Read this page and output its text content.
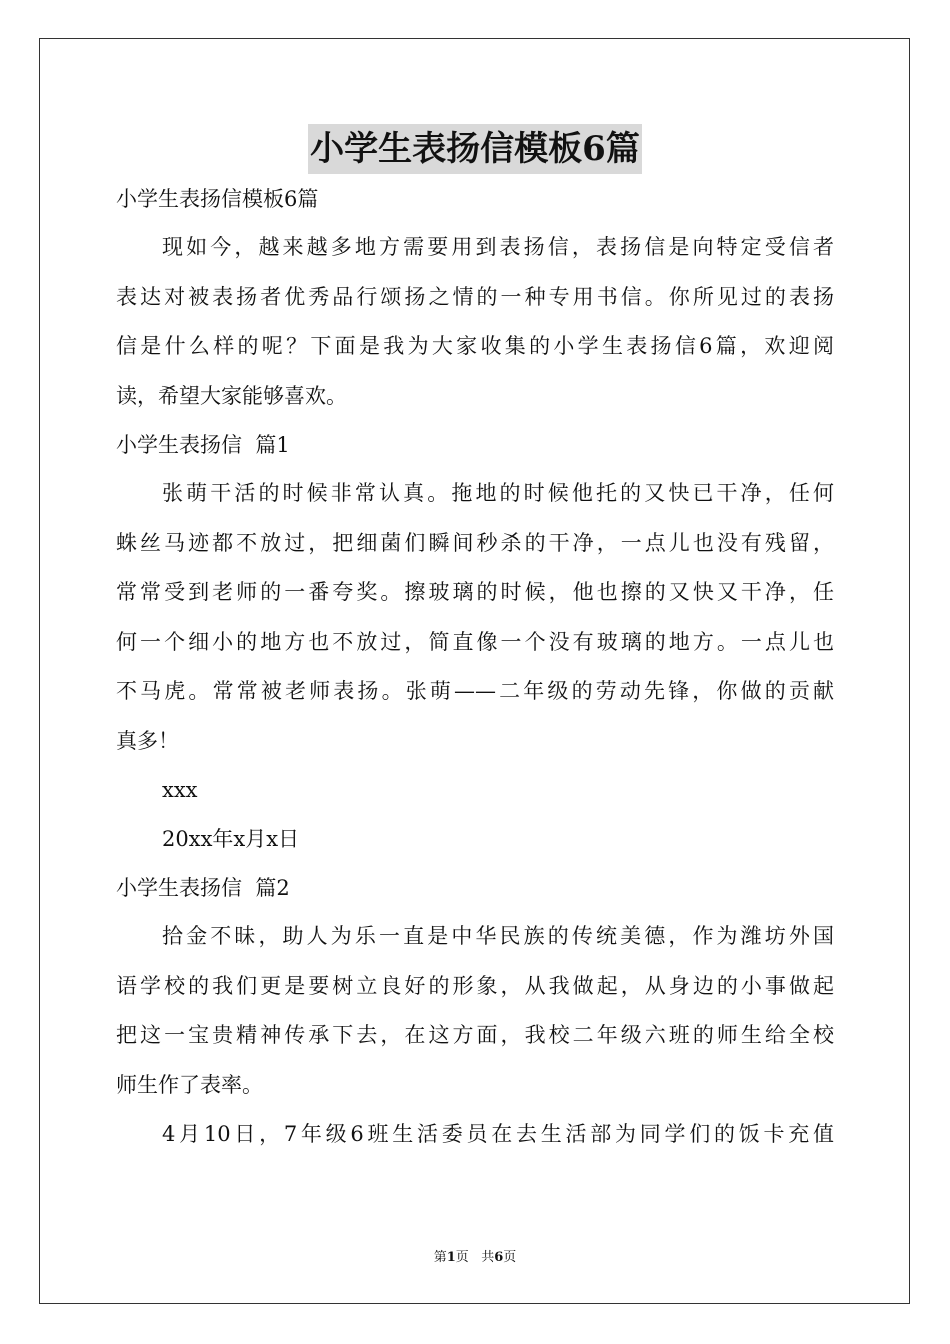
小学生表扬信模板6篇

小学生表扬信模板6篇

现如今，越来越多地方需要用到表扬信，表扬信是向特定受信者
表达对被表扬者优秀品行颂扬之情的一种专用书信。你所见过的表扬
信是什么样的呢？下面是我为大家收集的小学生表扬信6篇，欢迎阅
读，希望大家能够喜欢。

小学生表扬信  篇1

张萌干活的时候非常认真。拖地的时候他托的又快已干净，任何
蛛丝马迹都不放过，把细菌们瞬间秒杀的干净，一点儿也没有残留，
常常受到老师的一番夸奖。擦玻璃的时候，他也擦的又快又干净，任
何一个细小的地方也不放过，简直像一个没有玻璃的地方。一点儿也
不马虎。常常被老师表扬。张萌——二年级的劳动先锋，你做的贡献
真多！

xxx

20xx年x月x日

小学生表扬信  篇2

拾金不昧，助人为乐一直是中华民族的传统美德，作为潍坊外国
语学校的我们更是要树立良好的形象，从我做起，从身边的小事做起
把这一宝贵精神传承下去，在这方面，我校二年级六班的师生给全校
师生作了表率。

4月10日，7年级6班生活委员在去生活部为同学们的饭卡充值

第1页   共6页
